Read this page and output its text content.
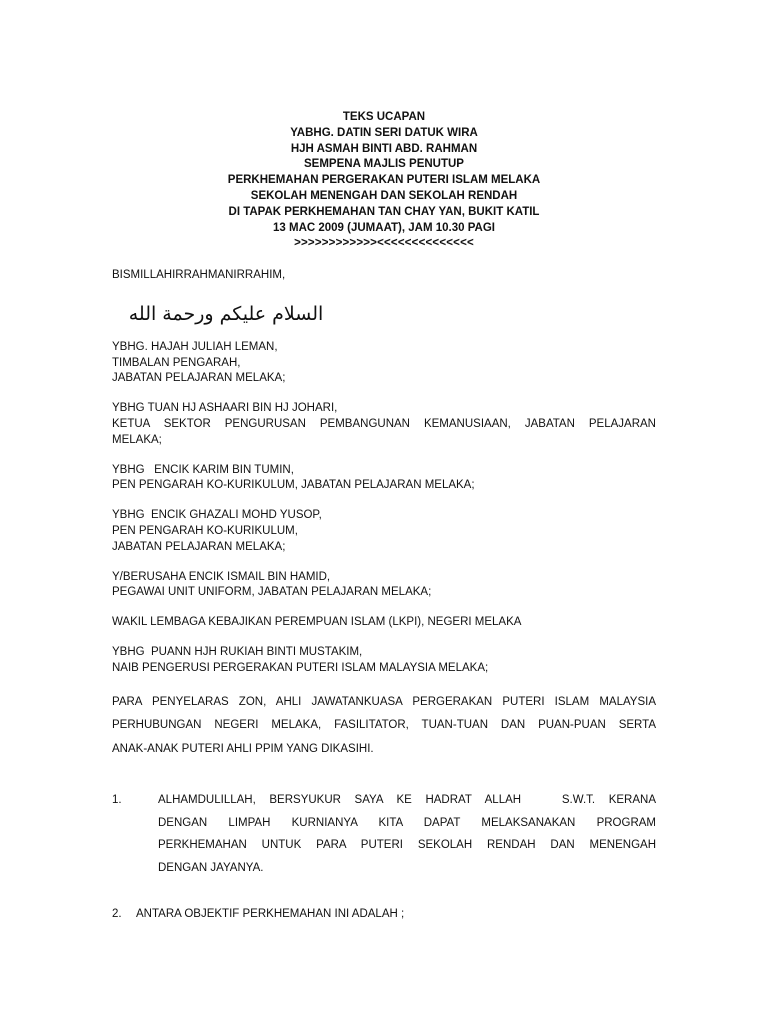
TEKS UCAPAN
YABHG. DATIN SERI DATUK WIRA
HJH ASMAH BINTI ABD. RAHMAN
SEMPENA MAJLIS PENUTUP
PERKHEMAHAN PERGERAKAN PUTERI ISLAM MELAKA
SEKOLAH MENENGAH DAN SEKOLAH RENDAH
DI TAPAK PERKHEMAHAN TAN CHAY YAN, BUKIT KATIL
13 MAC 2009 (JUMAAT), JAM 10.30 PAGI
>>>>>>>>>>>><<<<<<<<<<<<<<
BISMILLAHIRRAHMANIRRAHIM,
السلام عليكم ورحمة الله
YBHG. HAJAH JULIAH LEMAN,
TIMBALAN PENGARAH,
JABATAN PELAJARAN MELAKA;
YBHG TUAN HJ ASHAARI BIN HJ JOHARI,
KETUA SEKTOR PENGURUSAN PEMBANGUNAN KEMANUSIAAN, JABATAN PELAJARAN
MELAKA;
YBHG   ENCIK KARIM BIN TUMIN,
PEN PENGARAH KO-KURIKULUM, JABATAN PELAJARAN MELAKA;
YBHG  ENCIK GHAZALI MOHD YUSOP,
PEN PENGARAH KO-KURIKULUM,
JABATAN PELAJARAN MELAKA;
Y/BERUSAHA ENCIK ISMAIL BIN HAMID,
PEGAWAI UNIT UNIFORM, JABATAN PELAJARAN MELAKA;
WAKIL LEMBAGA KEBAJIKAN PEREMPUAN ISLAM (LKPI), NEGERI MELAKA
YBHG  PUANN HJH RUKIAH BINTI MUSTAKIM,
NAIB PENGERUSI PERGERAKAN PUTERI ISLAM MALAYSIA MELAKA;
PARA PENYELARAS ZON, AHLI JAWATANKUASA PERGERAKAN PUTERI ISLAM MALAYSIA
PERHUBUNGAN NEGERI MELAKA, FASILITATOR, TUAN-TUAN DAN PUAN-PUAN SERTA
ANAK-ANAK PUTERI AHLI PPIM YANG DIKASIHI.
1.	ALHAMDULILLAH, BERSYUKUR SAYA KE HADRAT ALLAH   S.W.T. KERANA
DENGAN LIMPAH KURNIANYA KITA DAPAT MELAKSANAKAN PROGRAM
PERKHEMAHAN UNTUK PARA PUTERI SEKOLAH RENDAH DAN MENENGAH
DENGAN JAYANYA.
2.	ANTARA OBJEKTIF PERKHEMAHAN INI ADALAH ;
